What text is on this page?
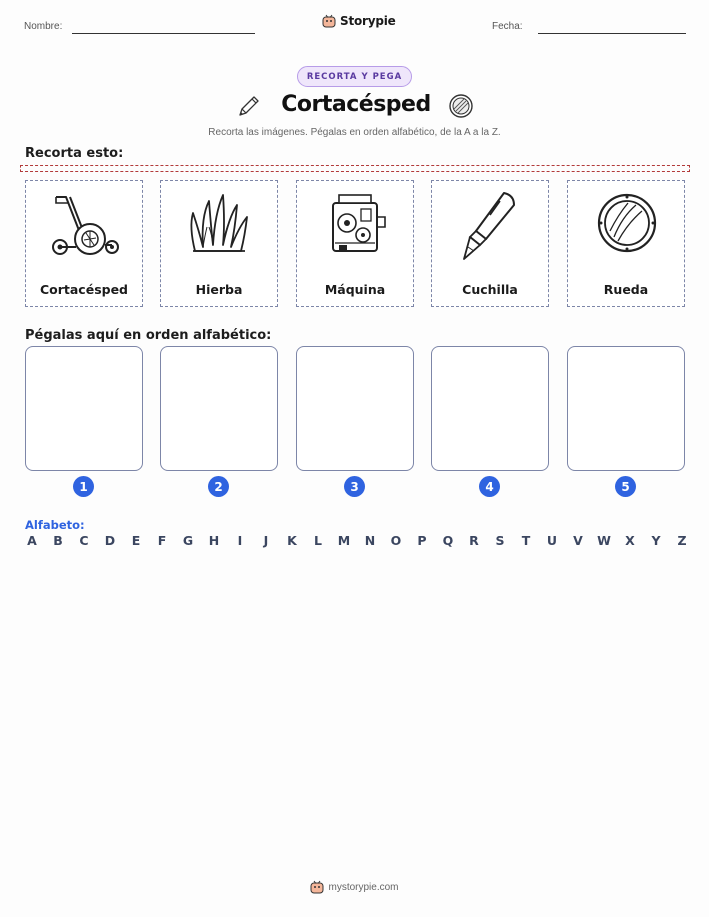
Nombre:	Storypie	Fecha:
RECORTA Y PEGA
Cortacésped
Recorta las imágenes. Pégalas en orden alfabético, de la A a la Z.
Recorta esto:
Cortacésped	Hierba	Máquina	Cuchilla	Rueda
Pégalas aquí en orden alfabético:
1	2	3	4	5
Alfabeto:
A B C D E F G H	I	J	K L M N O P Q R S T U V W X Y Z
mystorypie.com
